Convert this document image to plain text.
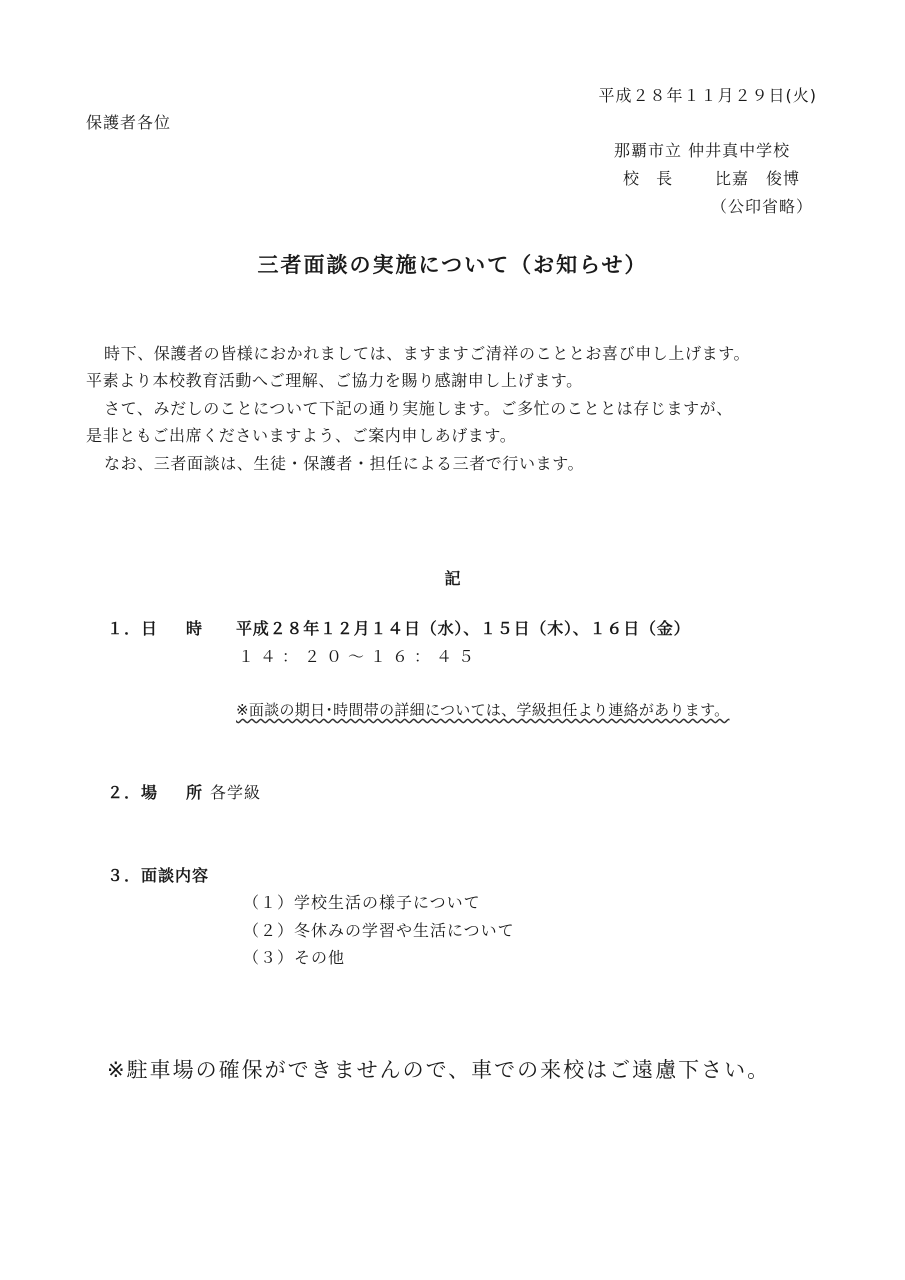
平成２８年１１月２９日(火)
保護者各位
那覇市立 仲井真中学校
校 長 比嘉　俊博
（公印省略）
三者面談の実施について（お知らせ）
時下、保護者の皆様におかれましては、ますますご清祥のこととお喜び申し上げます。
平素より本校教育活動へご理解、ご協力を賜り感謝申し上げます。
さて、みだしのことについて下記の通り実施します。ご多忙のこととは存じますが、
是非ともご出席くださいますよう、ご案内申しあげます。
なお、三者面談は、生徒・保護者・担任による三者で行います。
記
１．日 時 平成２８年１２月１４日（水）、１５日（木）、１６日（金）
１４：２０～１６：４５
※面談の期日･時間帯の詳細については、学級担任より連絡があります。
２．場 所 各学級
３．面談内容
（１）学校生活の様子について
（２）冬休みの学習や生活について
（３）その他
※駐車場の確保ができませんので、車での来校はご遠慮下さい。
